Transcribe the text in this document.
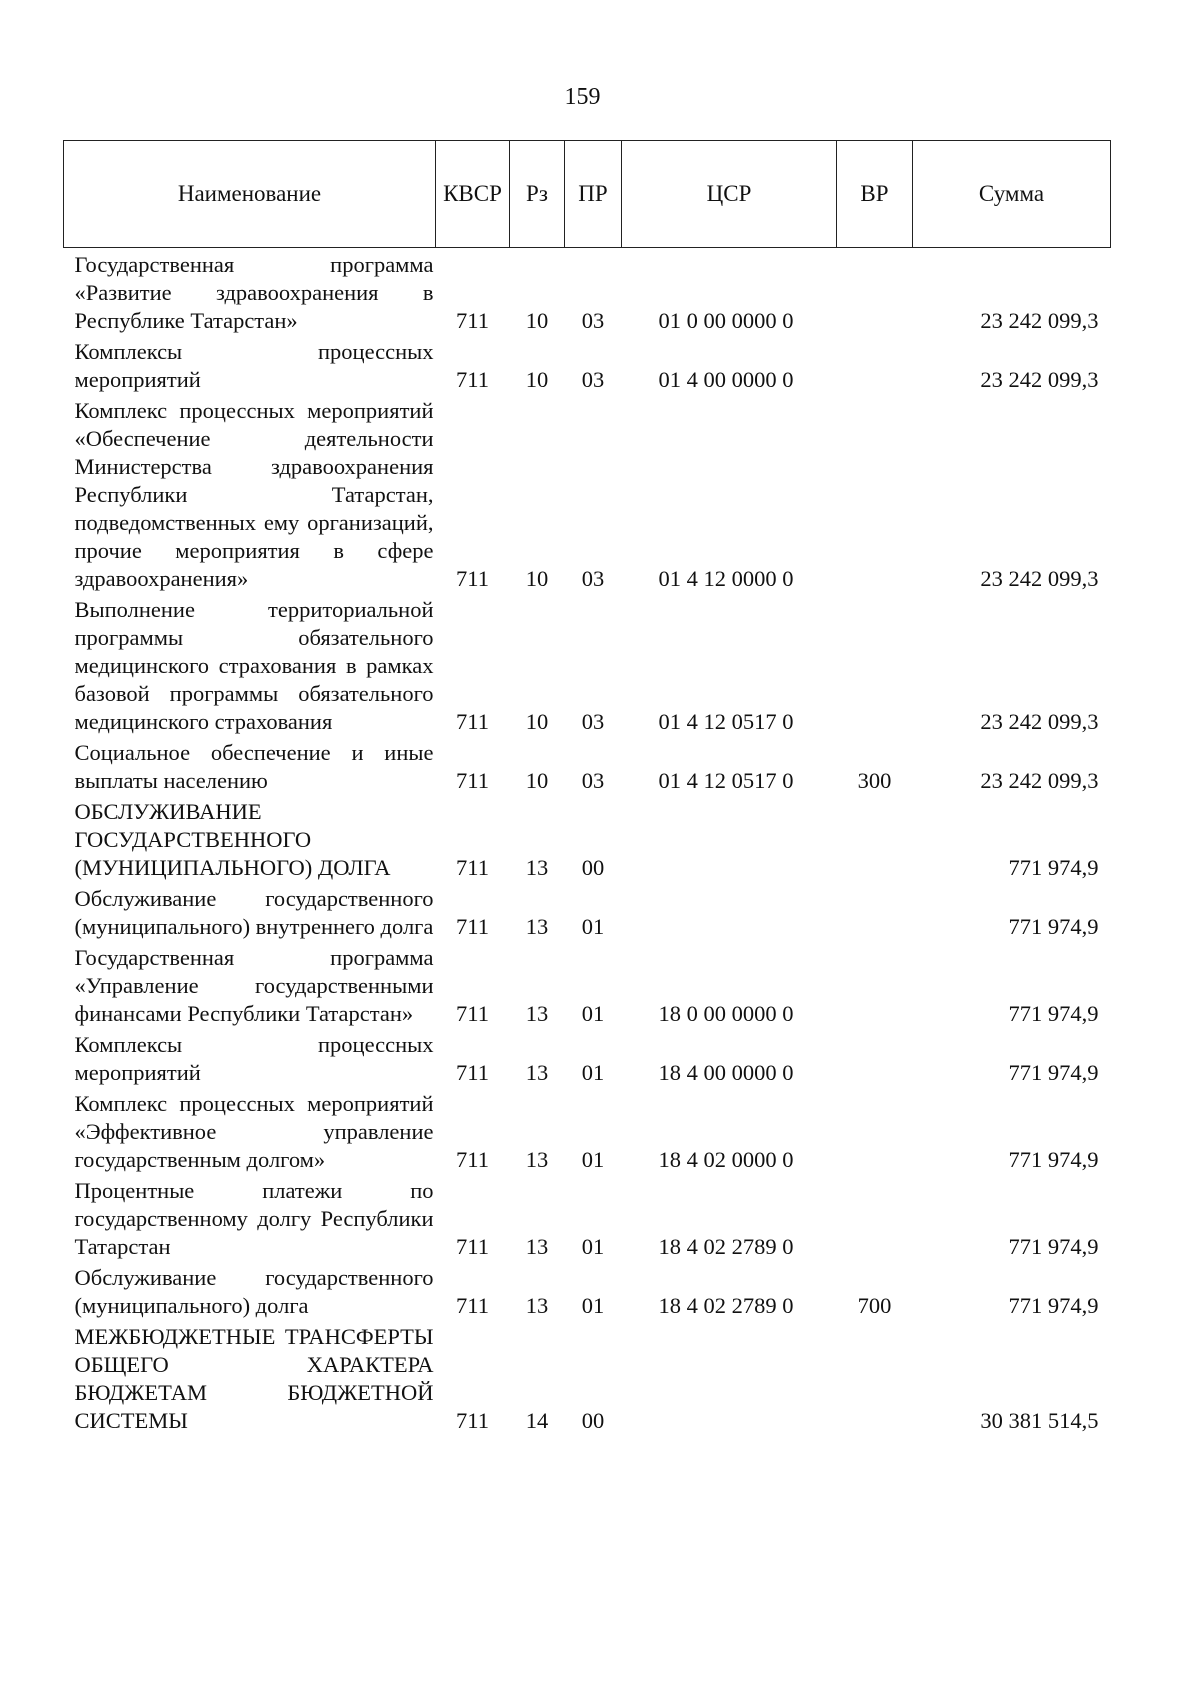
159
Наименование	КВСР	Рз	ПР	ЦСР	ВР	Сумма
Государственная программа «Развитие здравоохранения в Республике Татарстан»	711	10	03	01 0 00 0000 0		23 242 099,3
Комплексы процессных мероприятий	711	10	03	01 4 00 0000 0		23 242 099,3
Комплекс процессных мероприятий «Обеспечение деятельности Министерства здравоохранения Республики Татарстан, подведомственных ему организаций, прочие мероприятия в сфере здравоохранения»	711	10	03	01 4 12 0000 0		23 242 099,3
Выполнение территориальной программы обязательного медицинского страхования в рамках базовой программы обязательного медицинского страхования	711	10	03	01 4 12 0517 0		23 242 099,3
Социальное обеспечение и иные выплаты населению	711	10	03	01 4 12 0517 0	300	23 242 099,3
ОБСЛУЖИВАНИЕ ГОСУДАРСТВЕННОГО (МУНИЦИПАЛЬНОГО) ДОЛГА	711	13	00			771 974,9
Обслуживание государственного (муниципального) внутреннего долга	711	13	01			771 974,9
Государственная программа «Управление государственными финансами Республики Татарстан»	711	13	01	18 0 00 0000 0		771 974,9
Комплексы процессных мероприятий	711	13	01	18 4 00 0000 0		771 974,9
Комплекс процессных мероприятий «Эффективное управление государственным долгом»	711	13	01	18 4 02 0000 0		771 974,9
Процентные платежи по государственному долгу Республики Татарстан	711	13	01	18 4 02 2789 0		771 974,9
Обслуживание государственного (муниципального) долга	711	13	01	18 4 02 2789 0	700	771 974,9
МЕЖБЮДЖЕТНЫЕ ТРАНСФЕРТЫ ОБЩЕГО ХАРАКТЕРА БЮДЖЕТАМ БЮДЖЕТНОЙ СИСТЕМЫ	711	14	00			30 381 514,5
